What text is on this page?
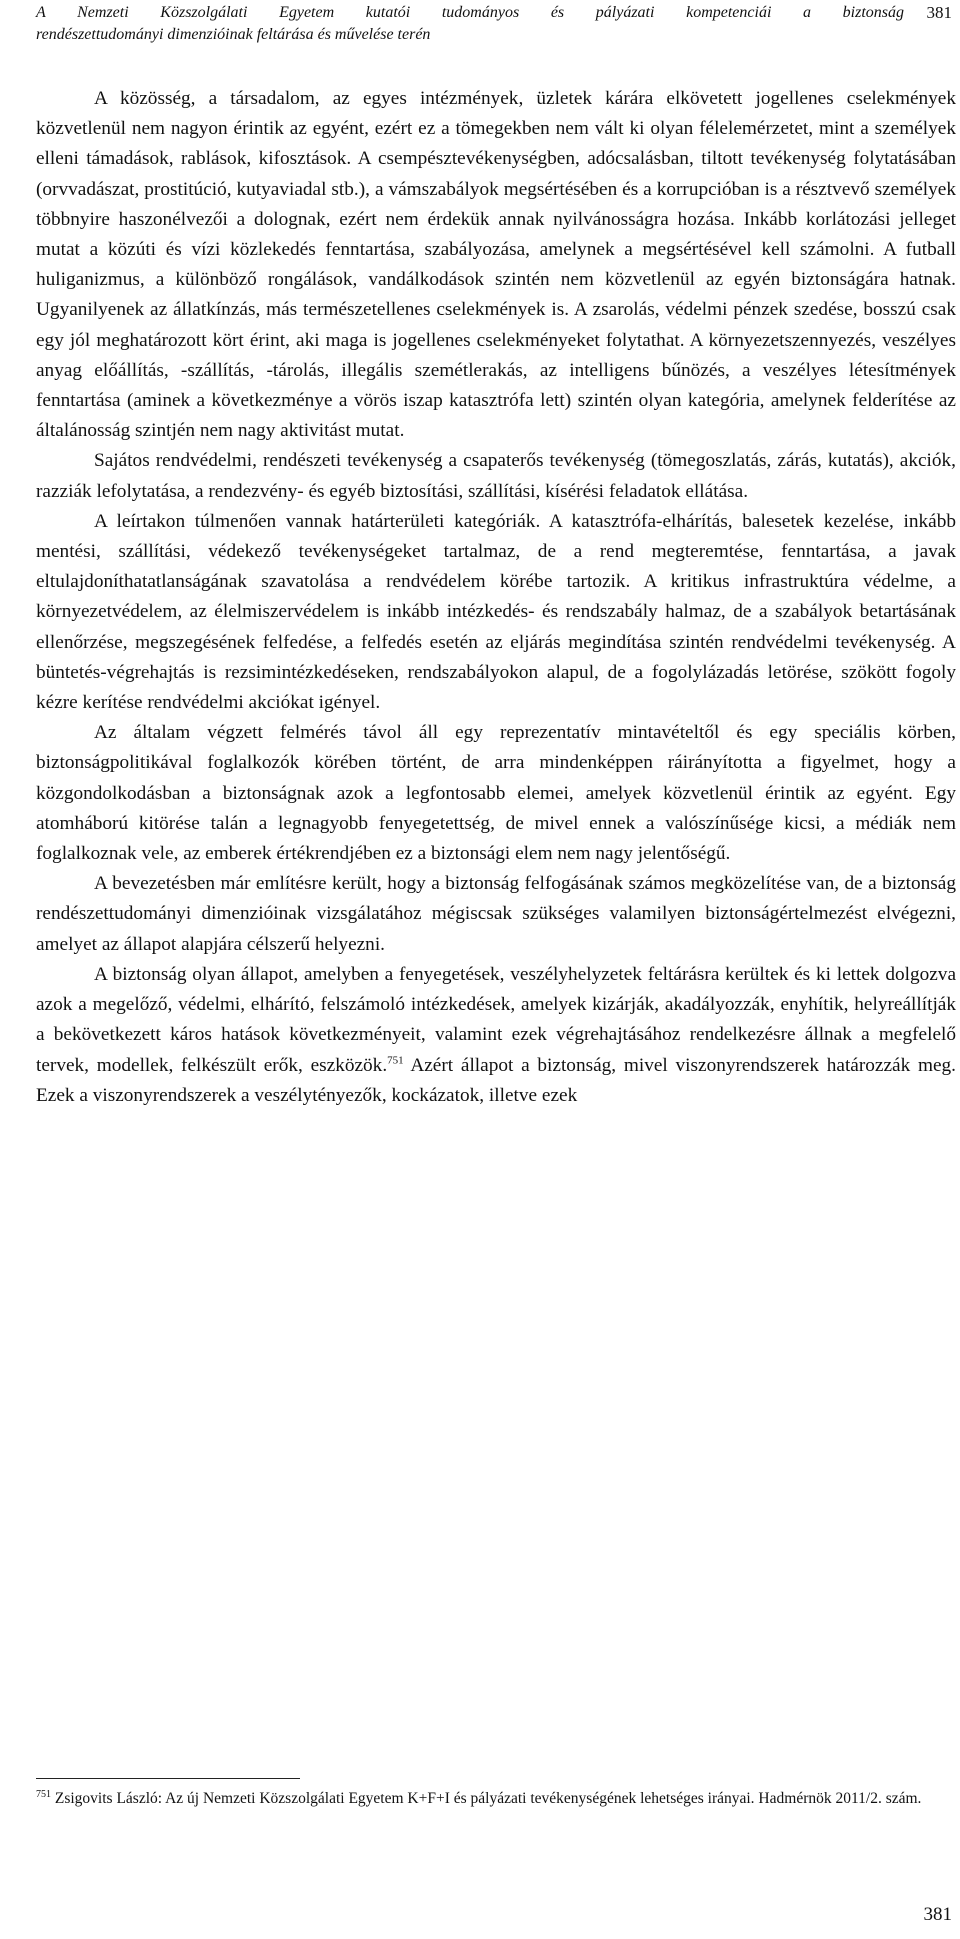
A Nemzeti Közszolgálati Egyetem kutatói tudományos és pályázati kompetenciái a biztonság
rendészettudományi dimenzióinak feltárása és művelése terén
381

A közösség, a társadalom, az egyes intézmények, üzletek kárára elkövetett jogellenes cselekmények közvetlenül nem nagyon érintik az egyént, ezért ez a tömegekben nem vált ki olyan félelemérzetet, mint a személyek elleni támadások, rablások, kifosztások. A csempésztevékenységben, adócsalásban, tiltott tevékenység folytatásában (orvvadászat, prostitúció, kutyaviadal stb.), a vámszabályok megsértésében és a korrupcióban is a résztvevő személyek többnyire haszonélvezői a dolognak, ezért nem érdekük annak nyilvánosságra hozása. Inkább korlátozási jelleget mutat a közúti és vízi közlekedés fenntartása, szabályozása, amelynek a megsértésével kell számolni. A futball huliganizmus, a különböző rongálások, vandálkodások szintén nem közvetlenül az egyén biztonságára hatnak. Ugyanilyenek az állatkínzás, más természetellenes cselekmények is. A zsarolás, védelmi pénzek szedése, bosszú csak egy jól meghatározott kört érint, aki maga is jogellenes cselekményeket folytathat. A környezetszennyezés, veszélyes anyag előállítás, -szállítás, -tárolás, illegális szemétlerakás, az intelligens bűnözés, a veszélyes létesítmények fenntartása (aminek a következménye a vörös iszap katasztrófa lett) szintén olyan kategória, amelynek felderítése az általánosság szintjén nem nagy aktivitást mutat.

Sajátos rendvédelmi, rendészeti tevékenység a csapaterős tevékenység (tömegoszlatás, zárás, kutatás), akciók, razziák lefolytatása, a rendezvény- és egyéb biztosítási, szállítási, kísérési feladatok ellátása.

A leírtakon túlmenően vannak határterületi kategóriák. A katasztrófa-elhárítás, balesetek kezelése, inkább mentési, szállítási, védekező tevékenységeket tartalmaz, de a rend megteremtése, fenntartása, a javak eltulajdoníthatatlanságának szavatolása a rendvédelem körébe tartozik. A kritikus infrastruktúra védelme, a környezetvédelem, az élelmiszervédelem is inkább intézkedés- és rendszabály halmaz, de a szabályok betartásának ellenőrzése, megszegésének felfedése, a felfedés esetén az eljárás megindítása szintén rendvédelmi tevékenység. A büntetés-végrehajtás is rezsimintézkedéseken, rendszabályokon alapul, de a fogolylázadás letörése, szökött fogoly kézre kerítése rendvédelmi akciókat igényel.

Az általam végzett felmérés távol áll egy reprezentatív mintavételtől és egy speciális körben, biztonságpolitikával foglalkozók körében történt, de arra mindenképpen ráirányította a figyelmet, hogy a közgondolkodásban a biztonságnak azok a legfontosabb elemei, amelyek közvetlenül érintik az egyént. Egy atomháború kitörése talán a legnagyobb fenyegetettség, de mivel ennek a valószínűsége kicsi, a médiák nem foglalkoznak vele, az emberek értékrendjében ez a biztonsági elem nem nagy jelentőségű.

A bevezetésben már említésre került, hogy a biztonság felfogásának számos megközelítése van, de a biztonság rendészettudományi dimenzióinak vizsgálatához mégiscsak szükséges valamilyen biztonságértelmezést elvégezni, amelyet az állapot alapjára célszerű helyezni.

A biztonság olyan állapot, amelyben a fenyegetések, veszélyhelyzetek feltárásra kerültek és ki lettek dolgozva azok a megelőző, védelmi, elhárító, felszámoló intézkedések, amelyek kizárják, akadályozzák, enyhítik, helyreállítják a bekövetkezett káros hatások következményeit, valamint ezek végrehajtásához rendelkezésre állnak a megfelelő tervek, modellek, felkészült erők, eszközök.$^{751}$ Azért állapot a biztonság, mivel viszonyrendszerek határozzák meg. Ezek a viszonyrendszerek a veszélytényezők, kockázatok, illetve ezek

$^{751}$ Zsigovits László: Az új Nemzeti Közszolgálati Egyetem K+F+I és pályázati tevékenységének lehetséges irányai. Hadmérnök 2011/2. szám.
381
